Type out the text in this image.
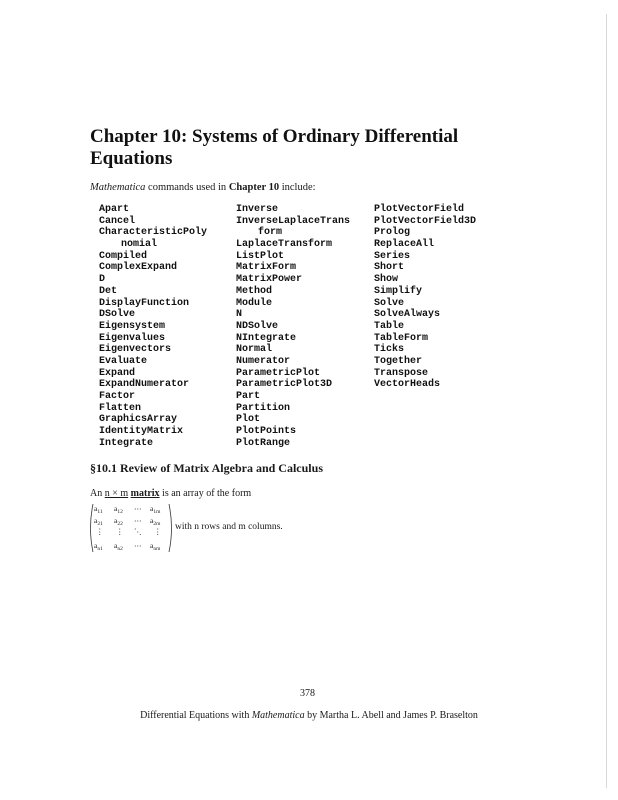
Chapter 10: Systems of Ordinary Differential Equations
Mathematica commands used in Chapter 10 include:
Apart
Cancel
CharacteristicPoly
nomial
Compiled
ComplexExpand
D
Det
DisplayFunction
DSolve
Eigensystem
Eigenvalues
Eigenvectors
Evaluate
Expand
ExpandNumerator
Factor
Flatten
GraphicsArray
IdentityMatrix
Integrate
Inverse
InverseLaplaceTrans
form
LaplaceTransform
ListPlot
MatrixForm
MatrixPower
Method
Module
N
NDSolve
NIntegrate
Normal
Numerator
ParametricPlot
ParametricPlot3D
Part
Partition
Plot
PlotPoints
PlotRange
PlotVectorField
PlotVectorField3D
Prolog
ReplaceAll
Series
Short
Show
Simplify
Solve
SolveAlways
Table
TableForm
Ticks
Together
Transpose
VectorHeads
§10.1 Review of Matrix Algebra and Calculus
An n × m matrix is an array of the form
$a_{11}$ $a_{12}$ ⋯ $a_{1m}$
$a_{21}$ $a_{22}$ ⋯ $a_{2m}$
⋮ ⋮ ⋱ ⋮
$a_{n1}$ $a_{n2}$ ⋯ $a_{nm}$
with n rows and m columns.
378
Differential Equations with Mathematica by Martha L. Abell and James P. Braselton
